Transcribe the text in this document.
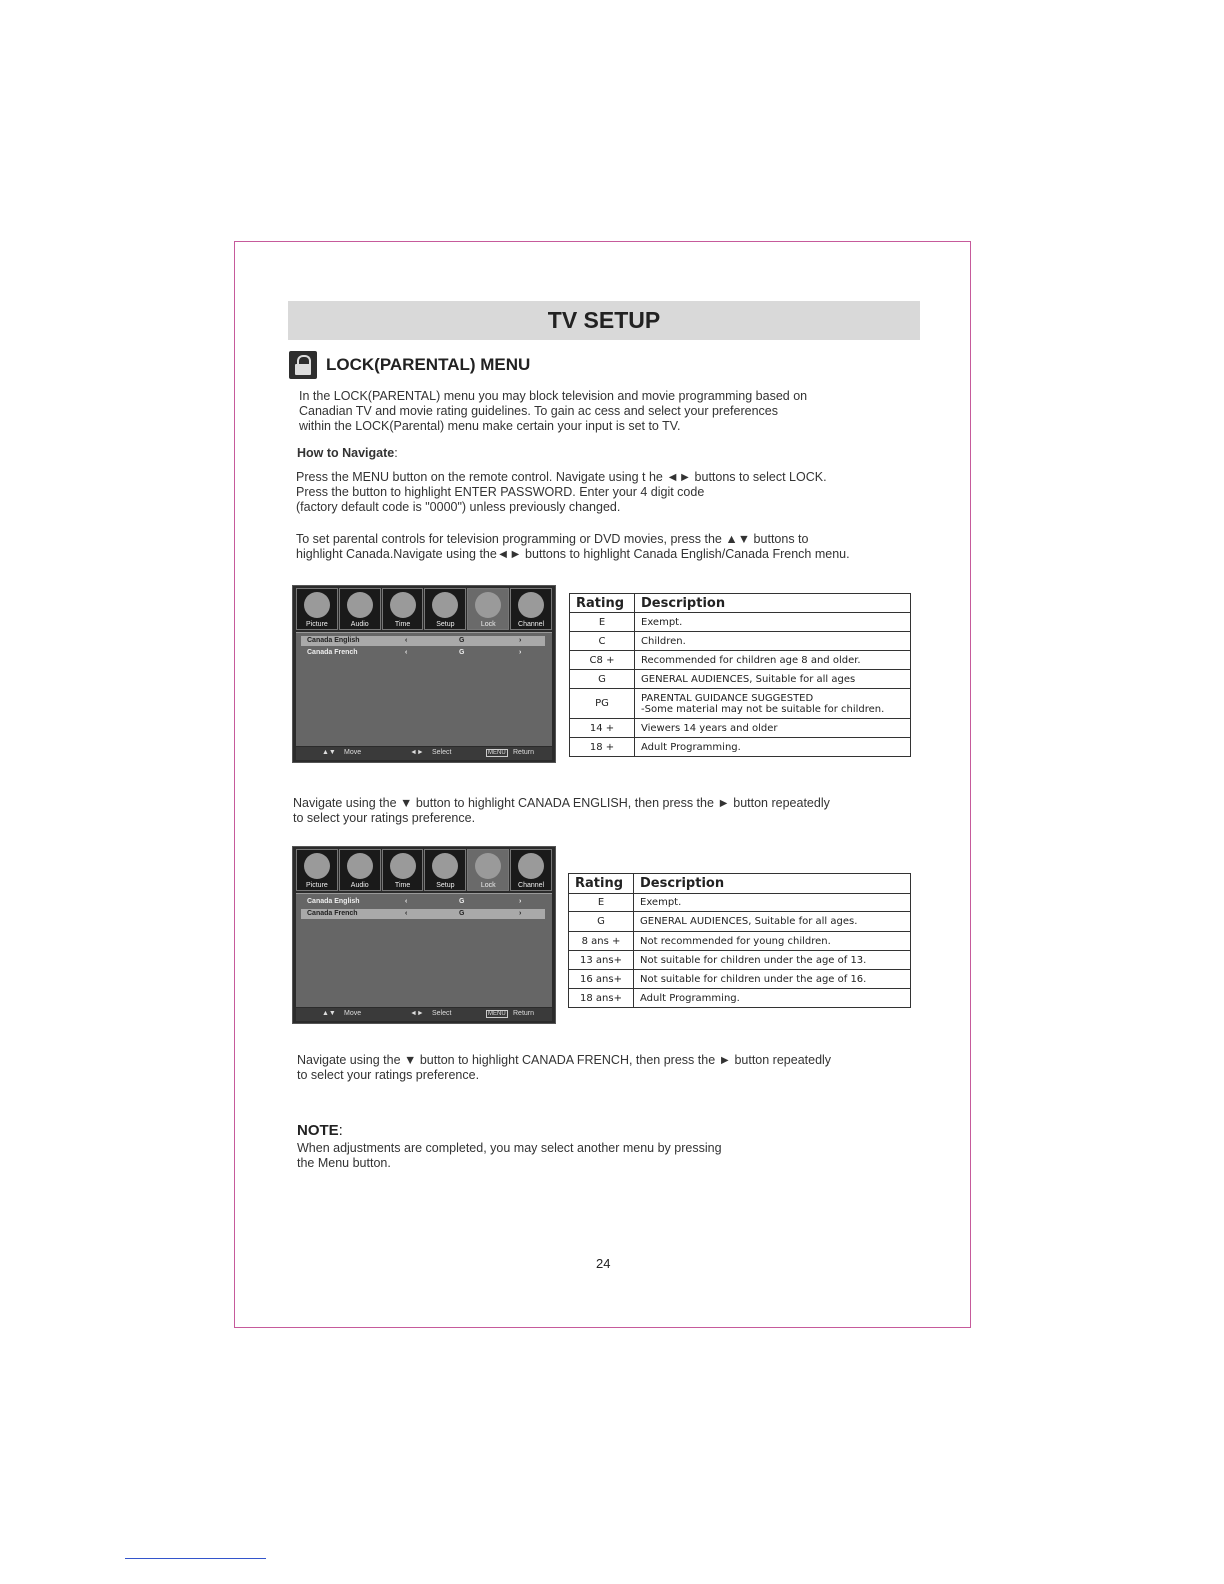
TV SETUP
LOCK(PARENTAL) MENU
In the LOCK(PARENTAL) menu you may block television and movie programming based on
Canadian TV and movie rating guidelines. To gain ac cess and select your preferences
within the LOCK(Parental) menu make certain your input is set to TV.
How to Navigate:
Press the MENU button on the remote control. Navigate using t he ◄► buttons to select LOCK.
Press the button to highlight ENTER PASSWORD. Enter your 4 digit code
(factory default code is "0000") unless previously changed.
To set parental controls for television programming or DVD movies, press the ▲▼ buttons to
highlight Canada.Navigate using the◄► buttons to highlight Canada English/Canada French menu.
Picture	Audio	Time	Setup	Lock	Channel
Canada English	‹	G	›
Canada French	‹	G	›
▲▼ Move	◄► Select	MENU Return
Rating	Description
E	Exempt.
C	Children.
C8 +	Recommended for children age 8 and older.
G	GENERAL AUDIENCES, Suitable for all ages
PG	PARENTAL GUIDANCE SUGGESTED
-Some material may not be suitable for children.

14 +	Viewers 14 years and older
18 +	Adult Programming.
Navigate using the ▼ button to highlight CANADA ENGLISH, then press the ► button repeatedly
to select your ratings preference.
Picture	Audio	Time	Setup	Lock	Channel
Canada English	‹	G	›
Canada French	‹	G	›
▲▼ Move	◄► Select	MENU Return
Rating	Description
E	Exempt.
G	GENERAL AUDIENCES, Suitable for all ages.
8 ans +	Not recommended for young children.
13 ans+	Not suitable for children under the age of 13.
16 ans+	Not suitable for children under the age of 16.
18 ans+	Adult Programming.
Navigate using the ▼ button to highlight CANADA FRENCH, then press the ► button repeatedly
to select your ratings preference.
NOTE:
When adjustments are completed, you may select another menu by pressing
the Menu button.
24
